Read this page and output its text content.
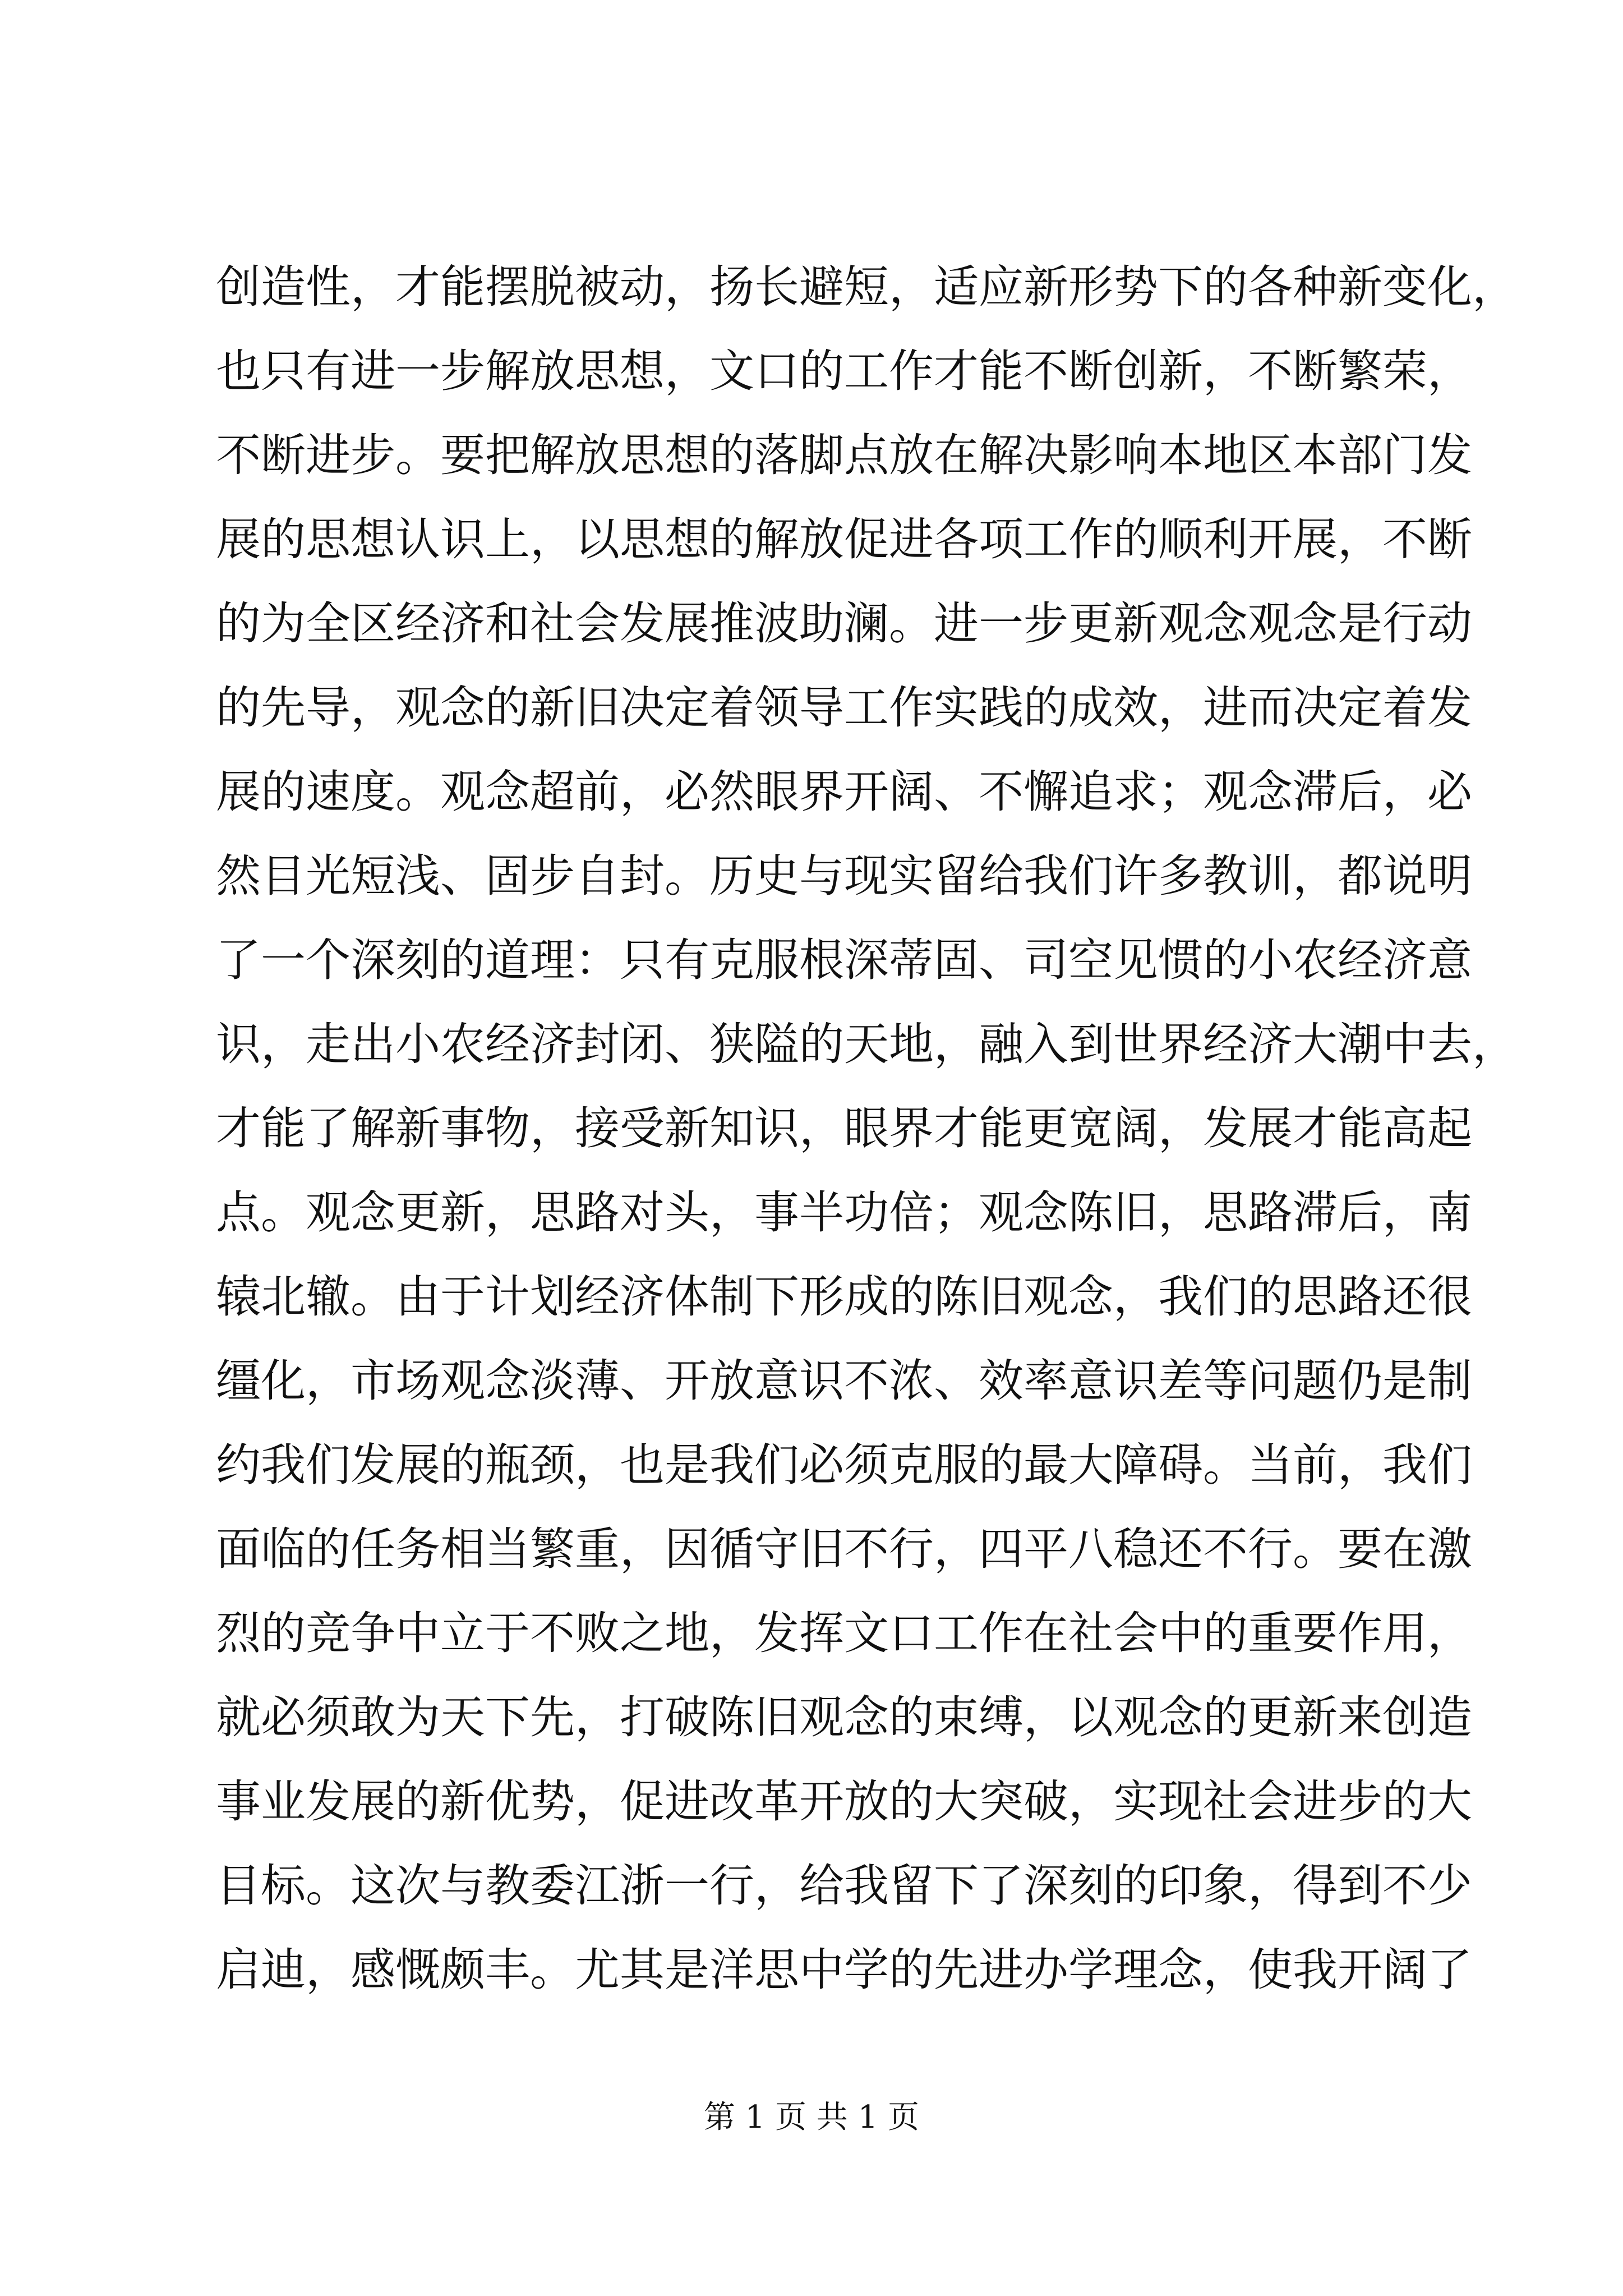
创造性，才能摆脱被动，扬长避短，适应新形势下的各种新变化，
也只有进一步解放思想，文口的工作才能不断创新，不断繁荣，
不断进步。要把解放思想的落脚点放在解决影响本地区本部门发
展的思想认识上，以思想的解放促进各项工作的顺利开展，不断
的为全区经济和社会发展推波助澜。进一步更新观念观念是行动
的先导，观念的新旧决定着领导工作实践的成效，进而决定着发
展的速度。观念超前，必然眼界开阔、不懈追求；观念滞后，必
然目光短浅、固步自封。历史与现实留给我们许多教训，都说明
了一个深刻的道理：只有克服根深蒂固、司空见惯的小农经济意
识，走出小农经济封闭、狭隘的天地，融入到世界经济大潮中去，
才能了解新事物，接受新知识，眼界才能更宽阔，发展才能高起
点。观念更新，思路对头，事半功倍；观念陈旧，思路滞后，南
辕北辙。由于计划经济体制下形成的陈旧观念，我们的思路还很
缰化，市场观念淡薄、开放意识不浓、效率意识差等问题仍是制
约我们发展的瓶颈，也是我们必须克服的最大障碍。当前，我们
面临的任务相当繁重，因循守旧不行，四平八稳还不行。要在激
烈的竞争中立于不败之地，发挥文口工作在社会中的重要作用，
就必须敢为天下先，打破陈旧观念的束缚，以观念的更新来创造
事业发展的新优势，促进改革开放的大突破，实现社会进步的大
目标。这次与教委江浙一行，给我留下了深刻的印象，得到不少
启迪，感慨颇丰。尤其是洋思中学的先进办学理念，使我开阔了
第 1 页 共 1 页
